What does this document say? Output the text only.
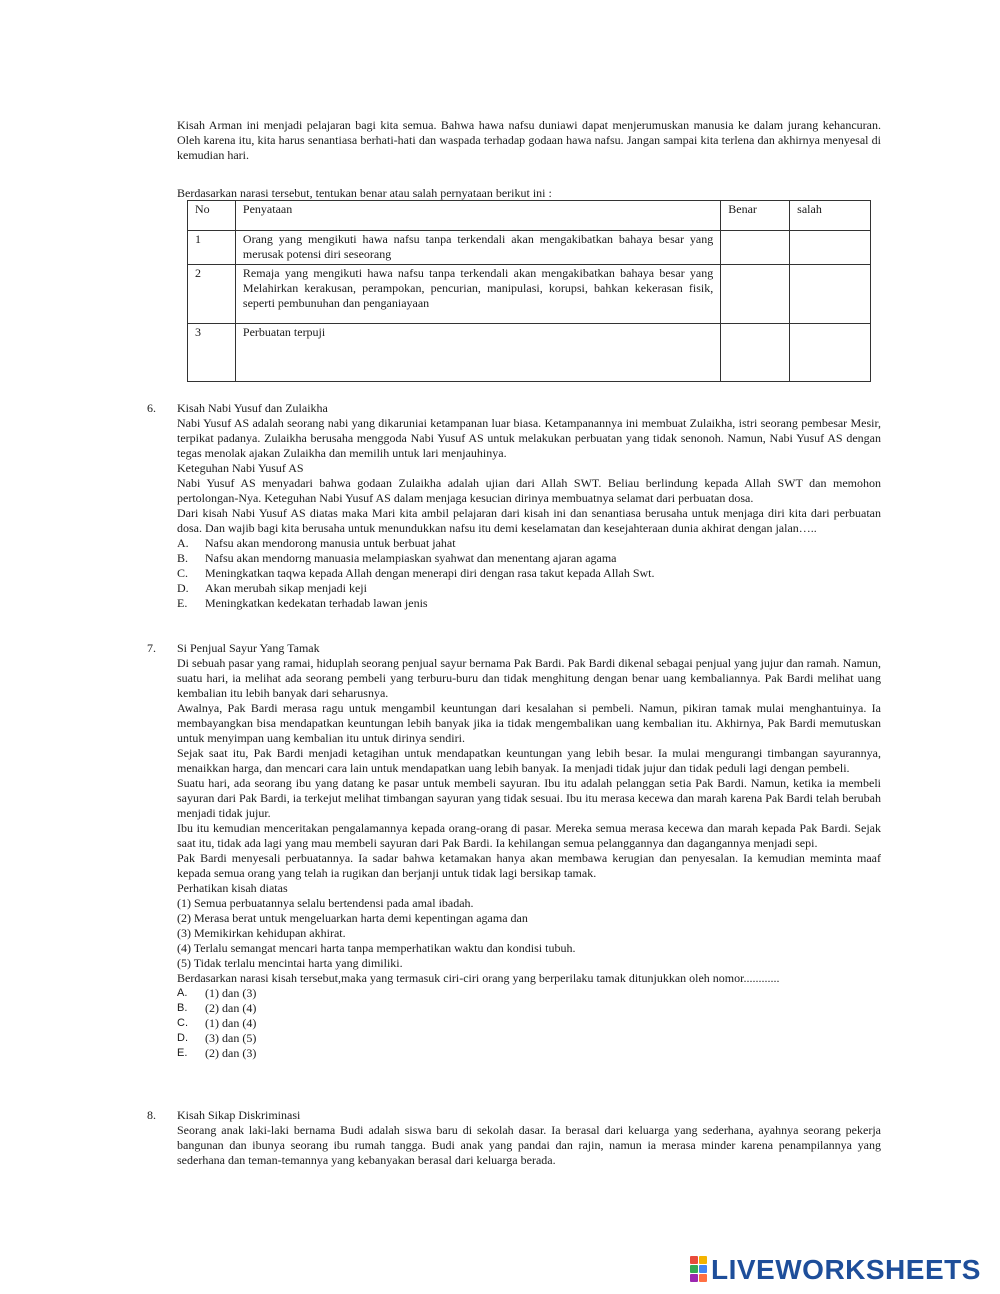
Kisah Arman ini menjadi pelajaran bagi kita semua. Bahwa hawa nafsu duniawi dapat menjerumuskan manusia ke dalam jurang kehancuran. Oleh karena itu, kita harus senantiasa berhati-hati dan waspada terhadap godaan hawa nafsu. Jangan sampai kita terlena dan akhirnya menyesal di kemudian hari.

Berdasarkan narasi tersebut, tentukan benar atau salah pernyataan berikut ini :
No	Penyataan	Benar	salah
1	Orang yang mengikuti hawa nafsu tanpa terkendali akan mengakibatkan bahaya besar yang merusak potensi diri seseorang		
2	Remaja yang mengikuti hawa nafsu tanpa terkendali akan mengakibatkan bahaya besar yang Melahirkan kerakusan, perampokan, pencurian, manipulasi, korupsi, bahkan kekerasan fisik, seperti pembunuhan dan penganiayaan		
3	Perbuatan terpuji		
6. Kisah Nabi Yusuf dan Zulaikha

Nabi Yusuf AS adalah seorang nabi yang dikaruniai ketampanan luar biasa. Ketampanannya ini membuat Zulaikha, istri seorang pembesar Mesir, terpikat padanya. Zulaikha berusaha menggoda Nabi Yusuf AS untuk melakukan perbuatan yang tidak senonoh. Namun, Nabi Yusuf AS dengan tegas menolak ajakan Zulaikha dan memilih untuk lari menjauhinya.

Keteguhan Nabi Yusuf AS

Nabi Yusuf AS menyadari bahwa godaan Zulaikha adalah ujian dari Allah SWT. Beliau berlindung kepada Allah SWT dan memohon pertolongan-Nya. Keteguhan Nabi Yusuf AS dalam menjaga kesucian dirinya membuatnya selamat dari perbuatan dosa.

Dari kisah Nabi Yusuf AS diatas maka Mari kita ambil pelajaran dari kisah ini dan senantiasa berusaha untuk menjaga diri kita dari perbuatan dosa. Dan wajib bagi kita berusaha untuk menundukkan nafsu itu demi keselamatan dan kesejahteraan dunia akhirat dengan jalan…..

A. Nafsu akan mendorong manusia untuk berbuat jahat
B. Nafsu akan mendorng manuasia melampiaskan syahwat dan menentang ajaran agama
C. Meningkatkan taqwa kepada Allah dengan menerapi diri dengan rasa takut kepada Allah Swt.
D. Akan merubah sikap menjadi keji
E. Meningkatkan kedekatan terhadab lawan jenis
7. Si Penjual Sayur Yang Tamak

Di sebuah pasar yang ramai, hiduplah seorang penjual sayur bernama Pak Bardi. Pak Bardi dikenal sebagai penjual yang jujur dan ramah. Namun, suatu hari, ia melihat ada seorang pembeli yang terburu-buru dan tidak menghitung dengan benar uang kembaliannya. Pak Bardi melihat uang kembalian itu lebih banyak dari seharusnya.

Awalnya, Pak Bardi merasa ragu untuk mengambil keuntungan dari kesalahan si pembeli. Namun, pikiran tamak mulai menghantuinya. Ia membayangkan bisa mendapatkan keuntungan lebih banyak jika ia tidak mengembalikan uang kembalian itu. Akhirnya, Pak Bardi memutuskan untuk menyimpan uang kembalian itu untuk dirinya sendiri.

Sejak saat itu, Pak Bardi menjadi ketagihan untuk mendapatkan keuntungan yang lebih besar. Ia mulai mengurangi timbangan sayurannya, menaikkan harga, dan mencari cara lain untuk mendapatkan uang lebih banyak. Ia menjadi tidak jujur dan tidak peduli lagi dengan pembeli.

Suatu hari, ada seorang ibu yang datang ke pasar untuk membeli sayuran. Ibu itu adalah pelanggan setia Pak Bardi. Namun, ketika ia membeli sayuran dari Pak Bardi, ia terkejut melihat timbangan sayuran yang tidak sesuai. Ibu itu merasa kecewa dan marah karena Pak Bardi telah berubah menjadi tidak jujur.

Ibu itu kemudian menceritakan pengalamannya kepada orang-orang di pasar. Mereka semua merasa kecewa dan marah kepada Pak Bardi. Sejak saat itu, tidak ada lagi yang mau membeli sayuran dari Pak Bardi. Ia kehilangan semua pelanggannya dan dagangannya menjadi sepi.

Pak Bardi menyesali perbuatannya. Ia sadar bahwa ketamakan hanya akan membawa kerugian dan penyesalan. Ia kemudian meminta maaf kepada semua orang yang telah ia rugikan dan berjanji untuk tidak lagi bersikap tamak.

Perhatikan kisah diatas

(1) Semua perbuatannya selalu bertendensi pada amal ibadah.

(2) Merasa berat untuk mengeluarkan harta demi kepentingan agama dan

(3) Memikirkan kehidupan akhirat.

(4) Terlalu semangat mencari harta tanpa memperhatikan waktu dan kondisi tubuh.

(5) Tidak terlalu mencintai harta yang dimiliki.

Berdasarkan narasi kisah tersebut,maka yang termasuk ciri-ciri orang yang berperilaku tamak ditunjukkan oleh nomor............

A. (1) dan (3)
B. (2) dan (4)
C. (1) dan (4)
D. (3) dan (5)
E. (2) dan (3)
8. Kisah Sikap Diskriminasi

Seorang anak laki-laki bernama Budi adalah siswa baru di sekolah dasar. Ia berasal dari keluarga yang sederhana, ayahnya seorang pekerja bangunan dan ibunya seorang ibu rumah tangga. Budi anak yang pandai dan rajin, namun ia merasa minder karena penampilannya yang sederhana dan teman-temannya yang kebanyakan berasal dari keluarga berada.

LIVEWORKSHEETS
